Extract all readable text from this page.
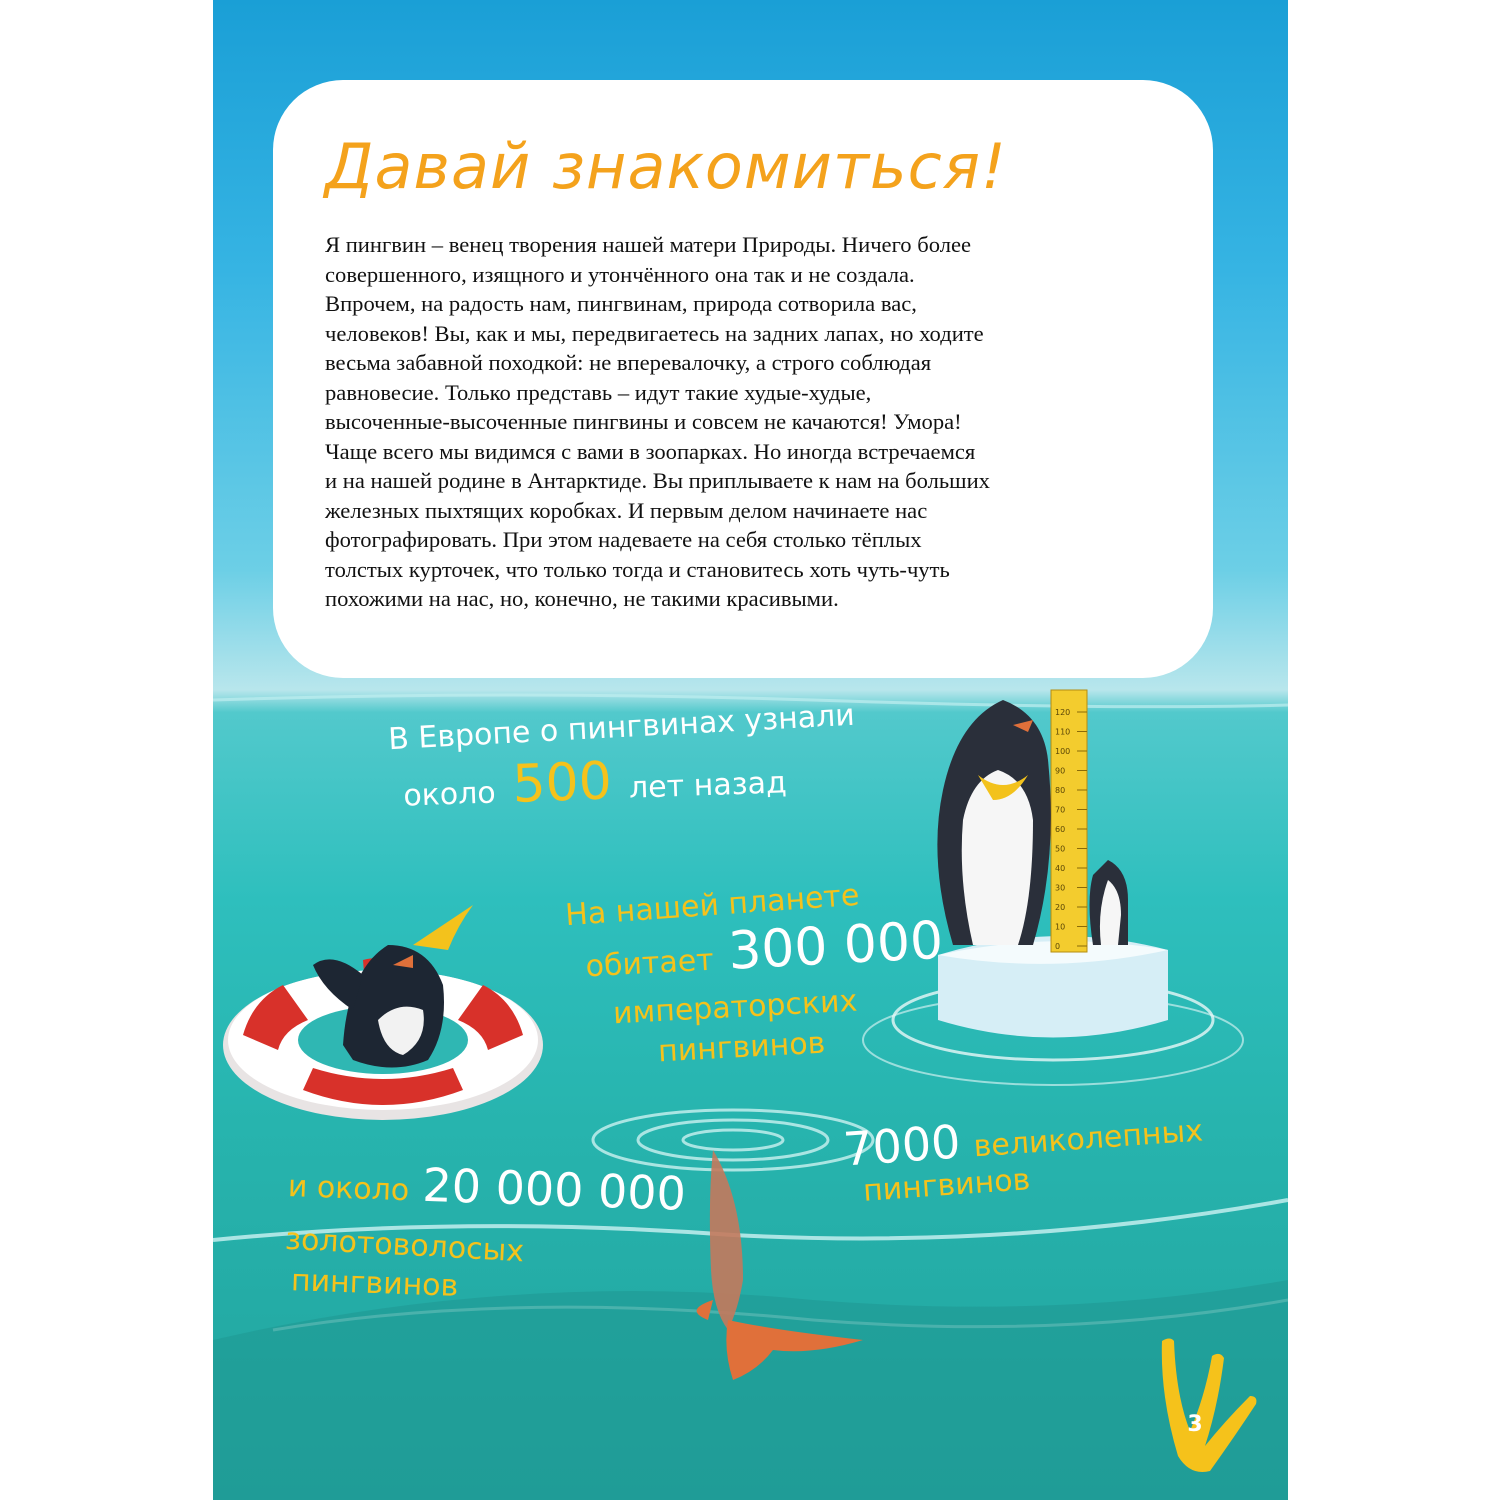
120
110
100
90
80
70
60
50
40
30
20
10
0
Давай знакомиться!
Я пингвин – венец творения нашей матери Природы. Ничего более
совершенного, изящного и утончённого она так и не создала.
Впрочем, на радость нам, пингвинам, природа сотворила вас,
человеков! Вы, как и мы, передвигаетесь на задних лапах, но ходите
весьма забавной походкой: не вперевалочку, а строго соблюдая
равновесие. Только представь – идут такие худые-худые,
высоченные-высоченные пингвины и совсем не качаются! Умора!
Чаще всего мы видимся с вами в зоопарках. Но иногда встречаемся
и на нашей родине в Антарктиде. Вы приплываете к нам на больших
железных пыхтящих коробках. И первым делом начинаете нас
фотографировать. При этом надеваете на себя столько тёплых
толстых курточек, что только тогда и становитесь хоть чуть-чуть
похожими на нас, но, конечно, не такими красивыми.
В Европе о пингвинах узнали
около 500 лет назад
На нашей планете
обитает 300 000
императорских
пингвинов
7000 великолепных
пингвинов
и около 20 000 000
золотоволосых
пингвинов
3
